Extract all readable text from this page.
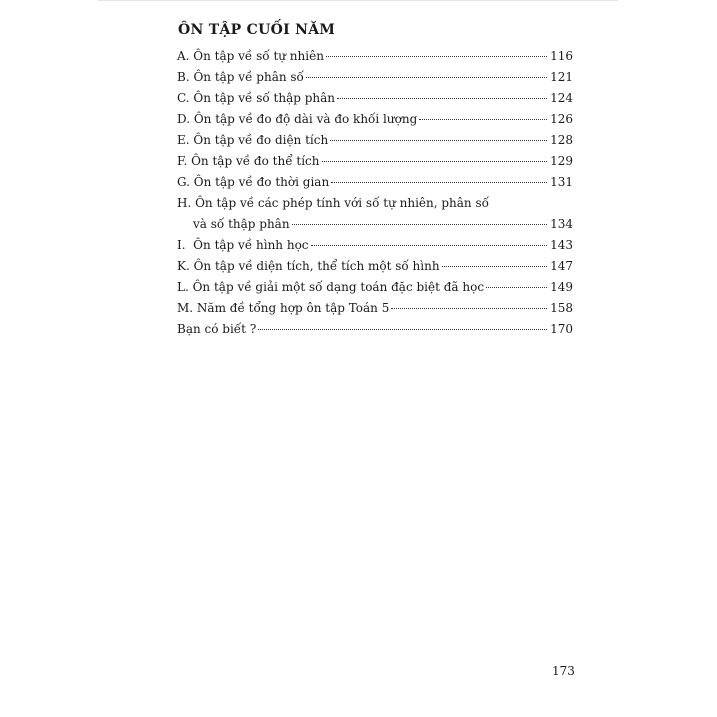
ÔN TẬP CUỐI NĂM
A. Ôn tập về số tự nhiên	116
B. Ôn tập về phân số	121
C. Ôn tập về số thập phân	124
D. Ôn tập về đo độ dài và đo khối lượng	126
E. Ôn tập về đo diện tích	128
F. Ôn tập về đo thể tích	129
G. Ôn tập về đo thời gian	131
H. Ôn tập về các phép tính với số tự nhiên, phân số
và số thập phân	134
I.  Ôn tập về hình học	143
K. Ôn tập về diện tích, thể tích một số hình	147
L. Ôn tập về giải một số dạng toán đặc biệt đã học	149
M. Năm đề tổng hợp ôn tập Toán 5	158
Bạn có biết ?	170
173
